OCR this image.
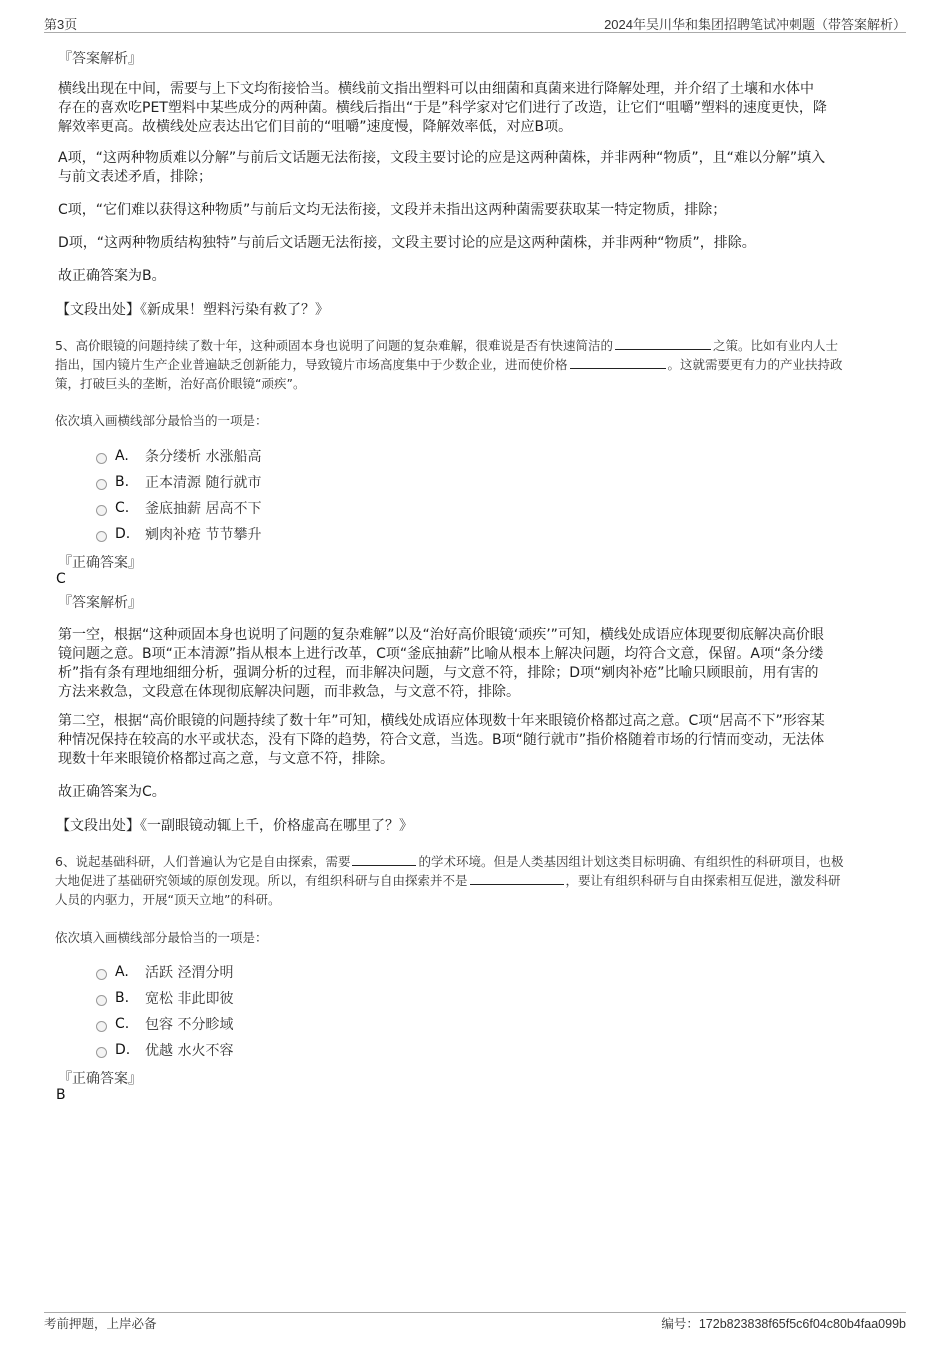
第3页	2024年吴川华和集团招聘笔试冲刺题（带答案解析）
『答案解析』
横线出现在中间，需要与上下文均衔接恰当。横线前文指出塑料可以由细菌和真菌来进行降解处理，并介绍了土壤和水体中
存在的喜欢吃PET塑料中某些成分的两种菌。横线后指出“于是”科学家对它们进行了改造，让它们“咀嚼”塑料的速度更快，降
解效率更高。故横线处应表达出它们目前的“咀嚼”速度慢，降解效率低，对应B项。
A项，“这两种物质难以分解”与前后文话题无法衔接，文段主要讨论的应是这两种菌株，并非两种“物质”，且“难以分解”填入
与前文表述矛盾，排除；
C项，“它们难以获得这种物质”与前后文均无法衔接，文段并未指出这两种菌需要获取某一特定物质，排除；
D项，“这两种物质结构独特”与前后文话题无法衔接，文段主要讨论的应是这两种菌株，并非两种“物质”，排除。
故正确答案为B。
【文段出处】《新成果！塑料污染有救了？》
5、高价眼镜的问题持续了数十年，这种顽固本身也说明了问题的复杂难解，很难说是否有快速简洁的	之策。比如有业内人士
指出，国内镜片生产企业普遍缺乏创新能力，导致镜片市场高度集中于少数企业，进而使价格	。这就需要更有力的产业扶持政
策，打破巨头的垄断，治好高价眼镜“顽疾”。
依次填入画横线部分最恰当的一项是：
A.	条分缕析 水涨船高
B.	正本清源 随行就市
C.	釜底抽薪 居高不下
D.	剜肉补疮 节节攀升
『正确答案』
C
『答案解析』
第一空，根据“这种顽固本身也说明了问题的复杂难解”以及“治好高价眼镜‘顽疾’”可知，横线处成语应体现要彻底解决高价眼
镜问题之意。B项“正本清源”指从根本上进行改革，C项“釜底抽薪”比喻从根本上解决问题，均符合文意，保留。A项“条分缕
析”指有条有理地细细分析，强调分析的过程，而非解决问题，与文意不符，排除；D项“剜肉补疮”比喻只顾眼前，用有害的
方法来救急，文段意在体现彻底解决问题，而非救急，与文意不符，排除。
第二空，根据“高价眼镜的问题持续了数十年”可知，横线处成语应体现数十年来眼镜价格都过高之意。C项“居高不下”形容某
种情况保持在较高的水平或状态，没有下降的趋势，符合文意，当选。B项“随行就市”指价格随着市场的行情而变动，无法体
现数十年来眼镜价格都过高之意，与文意不符，排除。
故正确答案为C。
【文段出处】《一副眼镜动辄上千，价格虚高在哪里了？》
6、说起基础科研，人们普遍认为它是自由探索，需要	的学术环境。但是人类基因组计划这类目标明确、有组织性的科研项目，也极
大地促进了基础研究领域的原创发现。所以，有组织科研与自由探索并不是	，要让有组织科研与自由探索相互促进，激发科研
人员的内驱力，开展“顶天立地”的科研。
依次填入画横线部分最恰当的一项是：
A.	活跃 泾渭分明
B.	宽松 非此即彼
C.	包容 不分畛域
D.	优越 水火不容
『正确答案』
B
考前押题，上岸必备	编号：172b823838f65f5c6f04c80b4faa099b
